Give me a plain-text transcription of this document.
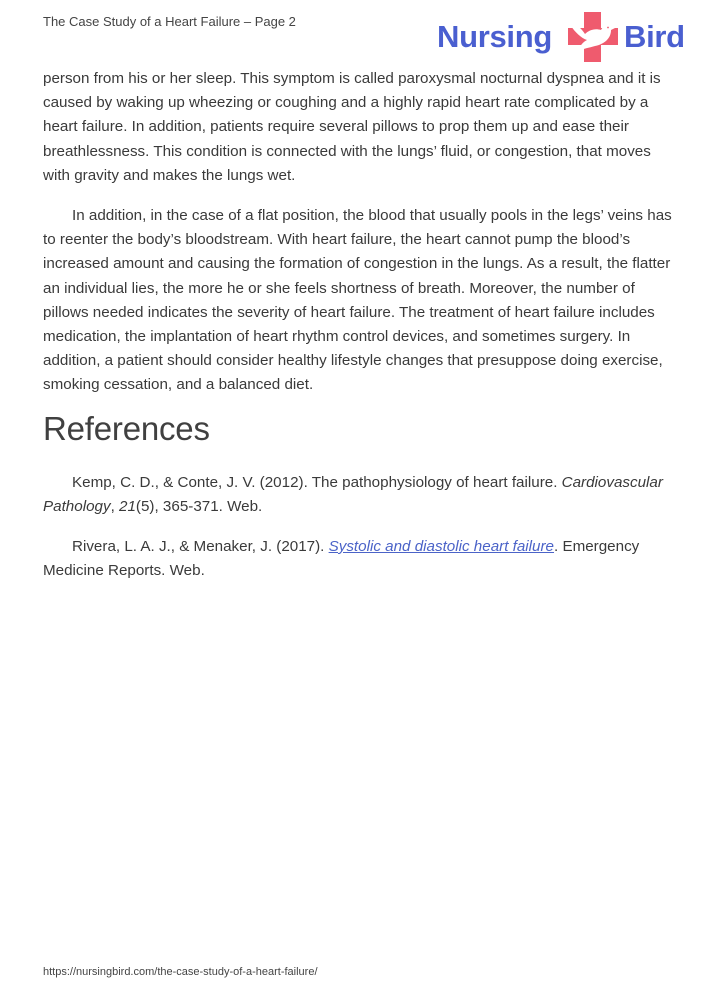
The Case Study of a Heart Failure – Page 2	Nursing Bird

person from his or her sleep. This symptom is called paroxysmal nocturnal dyspnea and it is caused by waking up wheezing or coughing and a highly rapid heart rate complicated by a heart failure. In addition, patients require several pillows to prop them up and ease their breathlessness. This condition is connected with the lungs’ fluid, or congestion, that moves with gravity and makes the lungs wet.

In addition, in the case of a flat position, the blood that usually pools in the legs’ veins has to reenter the body’s bloodstream. With heart failure, the heart cannot pump the blood’s increased amount and causing the formation of congestion in the lungs. As a result, the flatter an individual lies, the more he or she feels shortness of breath. Moreover, the number of pillows needed indicates the severity of heart failure. The treatment of heart failure includes medication, the implantation of heart rhythm control devices, and sometimes surgery. In addition, a patient should consider healthy lifestyle changes that presuppose doing exercise, smoking cessation, and a balanced diet.

References

Kemp, C. D., & Conte, J. V. (2012). The pathophysiology of heart failure. Cardiovascular Pathology, 21(5), 365-371. Web.

Rivera, L. A. J., & Menaker, J. (2017). Systolic and diastolic heart failure. Emergency Medicine Reports. Web.

https://nursingbird.com/the-case-study-of-a-heart-failure/
